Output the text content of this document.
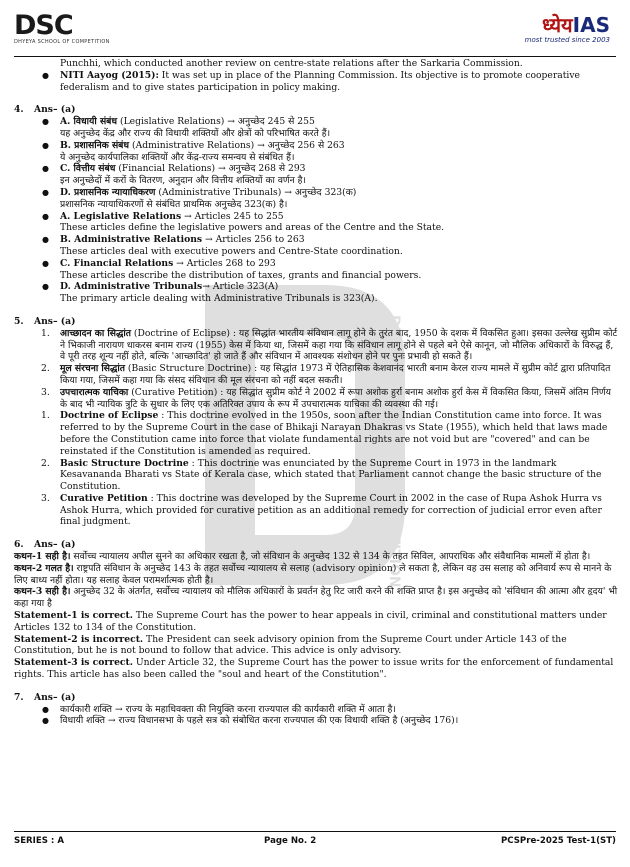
DSC
DHYEYA SCHOOL OF COMPETITION
ध्येयIAS
most trusted since 2003
DHYEYA SCHOOL OF COMPETITION
Punchhi, which conducted another review on centre-state relations after the Sarkaria Commission.
● NITI Aayog (2015): It was set up in place of the Planning Commission. Its objective is to promote cooperative federalism and to give states participation in policy making.
4. Ans– (a)
● A. विधायी संबंध (Legislative Relations) → अनुच्छेद 245 से 255
यह अनुच्छेद केंद्र और राज्य की विधायी शक्तियों और क्षेत्रों को परिभाषित करते हैं।
● B. प्रशासनिक संबंध (Administrative Relations) → अनुच्छेद 256 से 263
ये अनुच्छेद कार्यपालिका शक्तियों और केंद्र-राज्य समन्वय से संबंधित हैं।
● C. वित्तीय संबंध (Financial Relations) → अनुच्छेद 268 से 293
इन अनुच्छेदों में करों के वितरण, अनुदान और वित्तीय शक्तियों का वर्णन है।
● D. प्रशासनिक न्यायाधिकरण (Administrative Tribunals) → अनुच्छेद 323(क)
प्रशासनिक न्यायाधिकरणों से संबंधित प्राथमिक अनुच्छेद 323(क) है।
● A. Legislative Relations → Articles 245 to 255
These articles define the legislative powers and areas of the Centre and the State.
● B. Administrative Relations → Articles 256 to 263
These articles deal with executive powers and Centre-State coordination.
● C. Financial Relations → Articles 268 to 293
These articles describe the distribution of taxes, grants and financial powers.
● D. Administrative Tribunals→ Article 323(A)
The primary article dealing with Administrative Tribunals is 323(A).
5. Ans– (a)
1. आच्छादन का सिद्धांत (Doctrine of Eclipse) : यह सिद्धांत भारतीय संविधान लागू होने के तुरंत बाद, 1950 के दशक में विकसित हुआ। इसका उल्लेख सुप्रीम कोर्ट ने भिकाजी नारायण धाकरस बनाम राज्य (1955) केस में किया था, जिसमें कहा गया कि संविधान लागू होने से पहले बने ऐसे कानून, जो मौलिक अधिकारों के विरुद्ध हैं, वे पूरी तरह शून्य नहीं होते, बल्कि 'आच्छादित' हो जाते हैं और संविधान में आवश्यक संशोधन होने पर पुनः प्रभावी हो सकते हैं।
2. मूल संरचना सिद्धांत (Basic Structure Doctrine) : यह सिद्धांत 1973 में ऐतिहासिक केशवानंद भारती बनाम केरल राज्य मामले में सुप्रीम कोर्ट द्वारा प्रतिपादित किया गया, जिसमें कहा गया कि संसद संविधान की मूल संरचना को नहीं बदल सकती।
3. उपचारात्मक याचिका (Curative Petition) : यह सिद्धांत सुप्रीम कोर्ट ने 2002 में रूपा अशोक हुर्रा बनाम अशोक हुर्रा केस में विकसित किया, जिसमें अंतिम निर्णय के बाद भी न्यायिक त्रुटि के सुधार के लिए एक अतिरिक्त उपाय के रूप में उपचारात्मक याचिका की व्यवस्था की गई।
1. Doctrine of Eclipse : This doctrine evolved in the 1950s, soon after the Indian Constitution came into force. It was referred to by the Supreme Court in the case of Bhikaji Narayan Dhakras vs State (1955), which held that laws made before the Constitution came into force that violate fundamental rights are not void but are "covered" and can be reinstated if the Constitution is amended as required.
2. Basic Structure Doctrine : This doctrine was enunciated by the Supreme Court in 1973 in the landmark Kesavananda Bharati vs State of Kerala case, which stated that Parliament cannot change the basic structure of the Constitution.
3. Curative Petition : This doctrine was developed by the Supreme Court in 2002 in the case of Rupa Ashok Hurra vs Ashok Hurra, which provided for curative petition as an additional remedy for correction of judicial error even after final judgment.
6. Ans– (a)
कथन-1 सही है। सर्वोच्च न्यायालय अपील सुनने का अधिकार रखता है, जो संविधान के अनुच्छेद 132 से 134 के तहत सिविल, आपराधिक और संवैधानिक मामलों में होता है।
कथन-2 गलत है। राष्ट्रपति संविधान के अनुच्छेद 143 के तहत सर्वोच्च न्यायालय से सलाह (advisory opinion) ले सकता है, लेकिन वह उस सलाह को अनिवार्य रूप से मानने के लिए बाध्य नहीं होता। यह सलाह केवल परामर्शात्मक होती है।
कथन-3 सही है। अनुच्छेद 32 के अंतर्गत, सर्वोच्च न्यायालय को मौलिक अधिकारों के प्रवर्तन हेतु रिट जारी करने की शक्ति प्राप्त है। इस अनुच्छेद को 'संविधान की आत्मा और हृदय' भी कहा गया है
Statement-1 is correct. The Supreme Court has the power to hear appeals in civil, criminal and constitutional matters under Articles 132 to 134 of the Constitution.
Statement-2 is incorrect. The President can seek advisory opinion from the Supreme Court under Article 143 of the Constitution, but he is not bound to follow that advice. This advice is only advisory.
Statement-3 is correct. Under Article 32, the Supreme Court has the power to issue writs for the enforcement of fundamental rights. This article has also been called the "soul and heart of the Constitution".
7. Ans– (a)
● कार्यकारी शक्ति → राज्य के महाधिवक्ता की नियुक्ति करना राज्यपाल की कार्यकारी शक्ति में आता है।
● विधायी शक्ति → राज्य विधानसभा के पहले सत्र को संबोधित करना राज्यपाल की एक विधायी शक्ति है (अनुच्छेद 176)।
SERIES : A	Page No. 2	PCSPre-2025 Test-1(ST)
